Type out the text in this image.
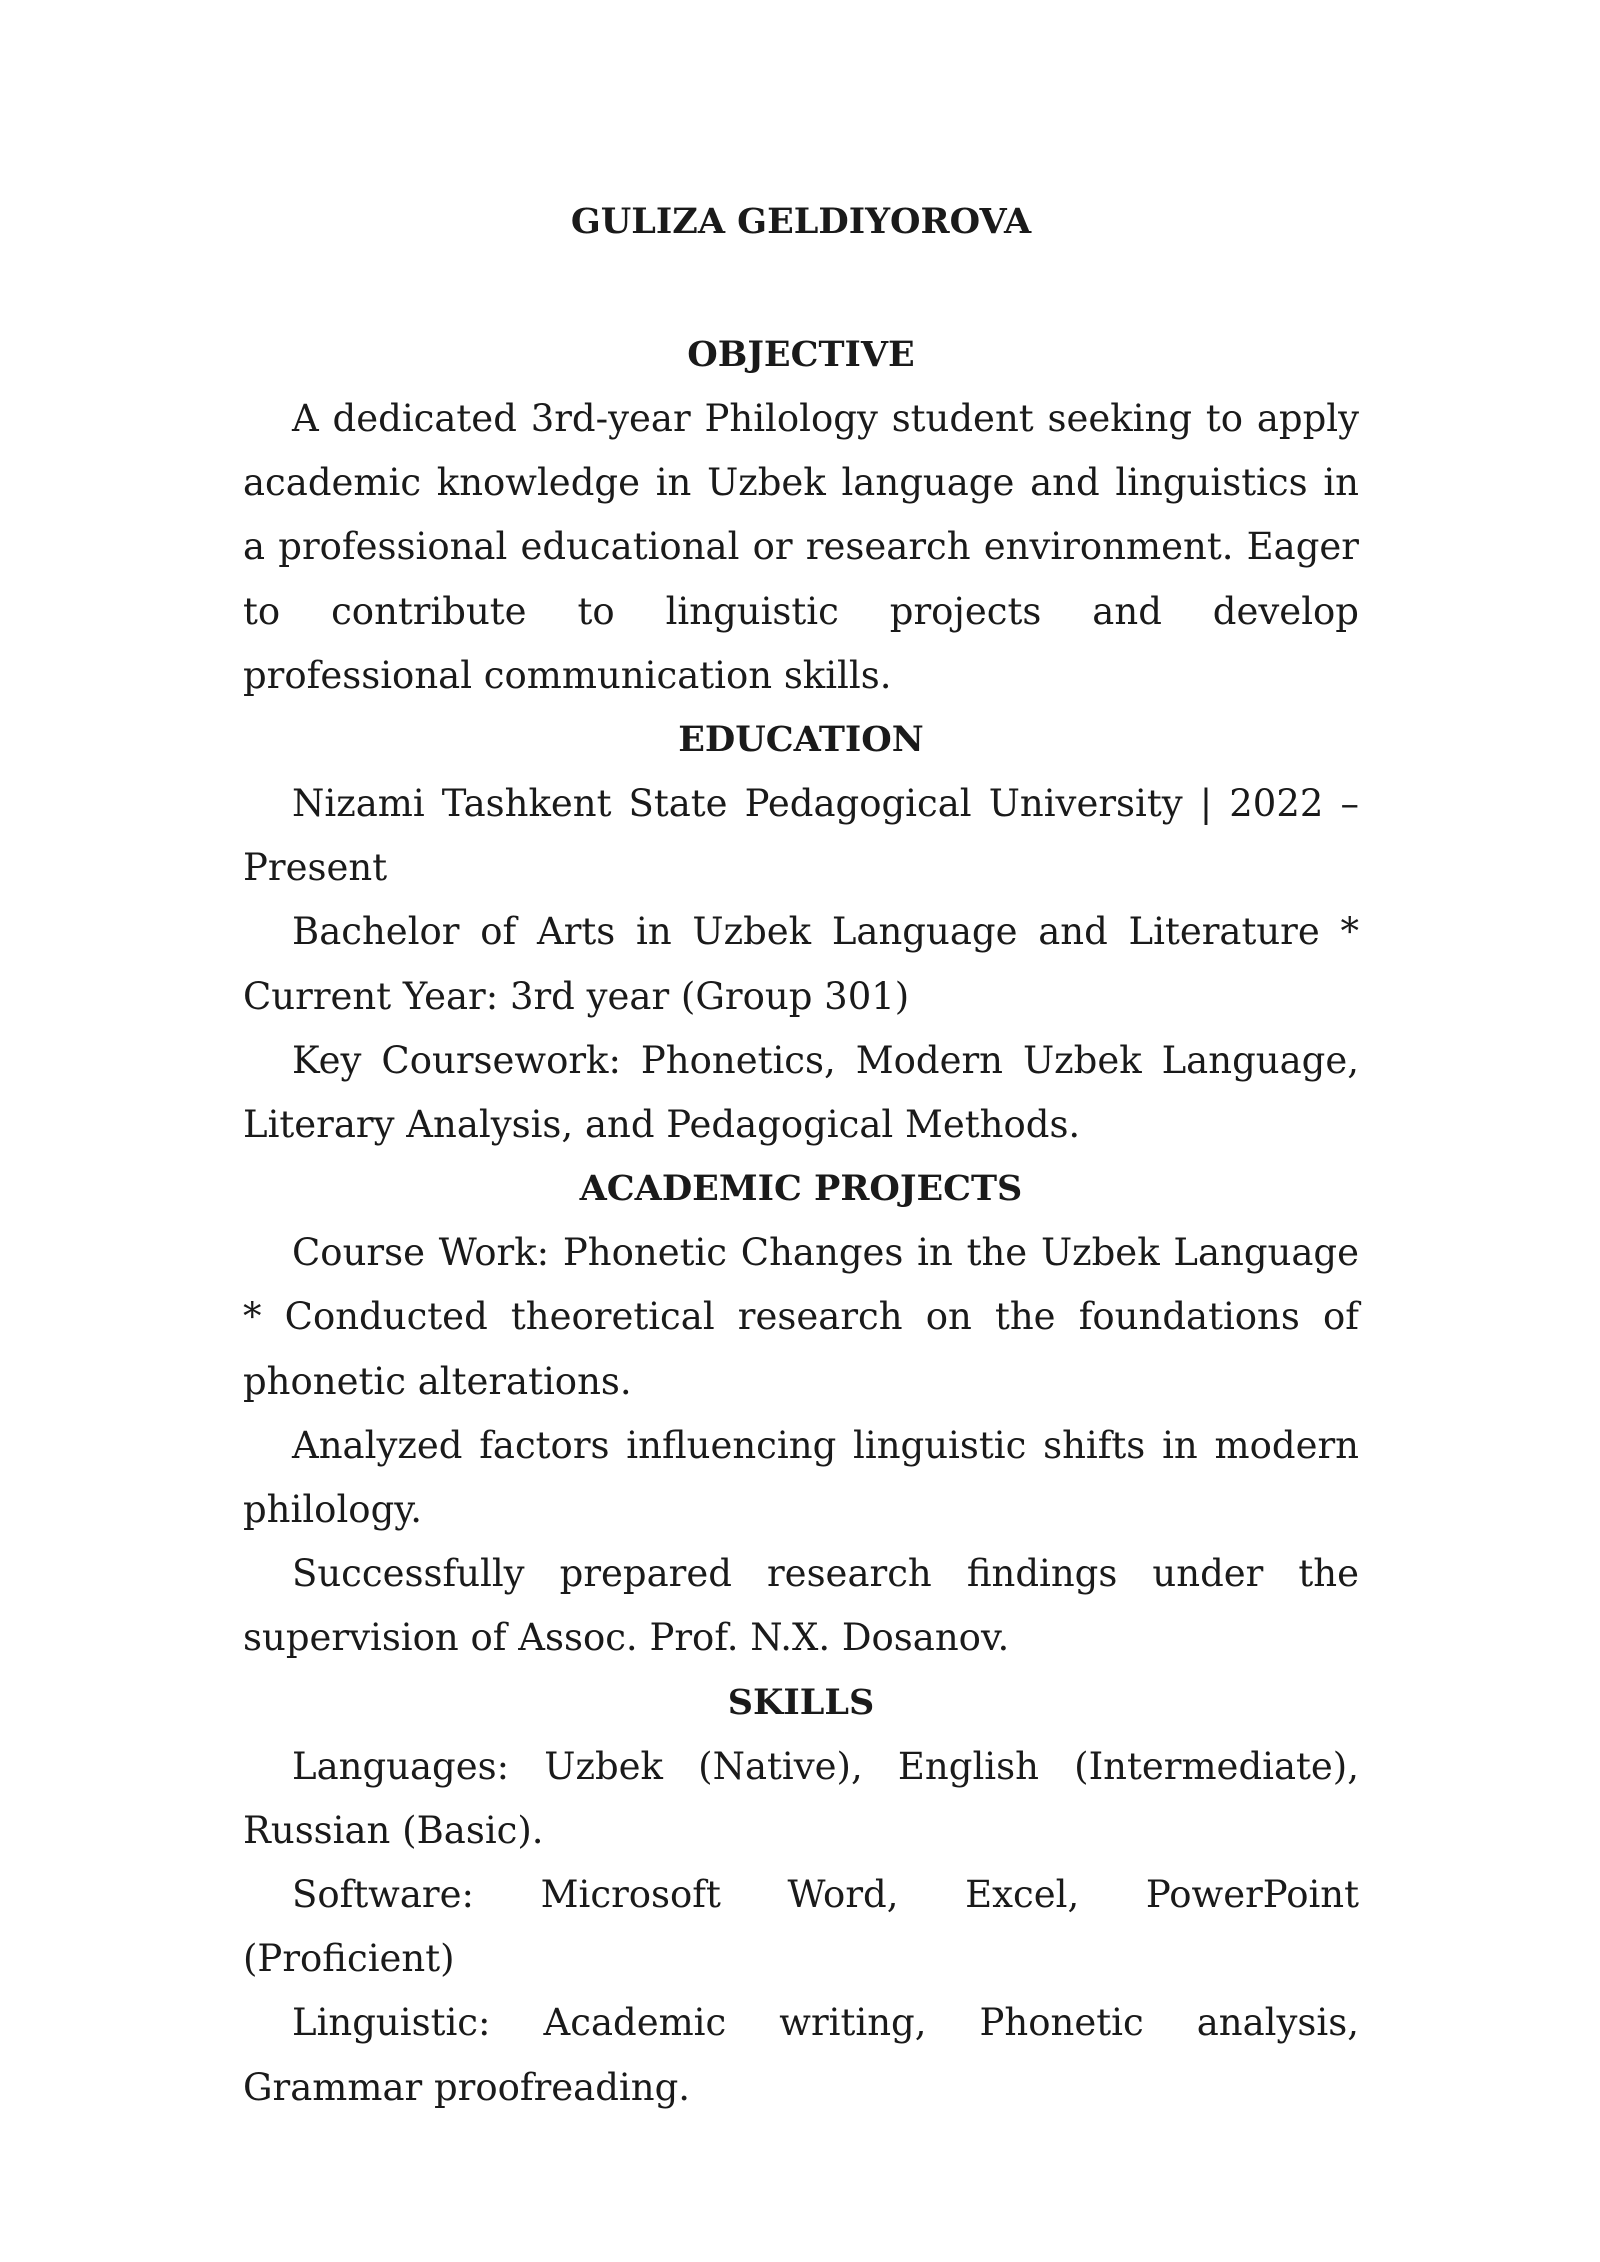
GULIZA GELDIYOROVA
OBJECTIVE

A dedicated 3rd-year Philology student seeking to apply academic knowledge in Uzbek language and linguistics in a professional educational or research environment. Eager to contribute to linguistic projects and develop professional communication skills.

EDUCATION

Nizami Tashkent State Pedagogical University | 2022 – Present

Bachelor of Arts in Uzbek Language and Literature * Current Year: 3rd year (Group 301)

Key Coursework: Phonetics, Modern Uzbek Language, Literary Analysis, and Pedagogical Methods.

ACADEMIC PROJECTS

Course Work: Phonetic Changes in the Uzbek Language * Conducted theoretical research on the foundations of phonetic alterations.

Analyzed factors influencing linguistic shifts in modern philology.

Successfully prepared research findings under the supervision of Assoc. Prof. N.X. Dosanov.

SKILLS

Languages: Uzbek (Native), English (Intermediate), Russian (Basic).

Software: Microsoft Word, Excel, PowerPoint (Proficient)

Linguistic: Academic writing, Phonetic analysis, Grammar proofreading.
